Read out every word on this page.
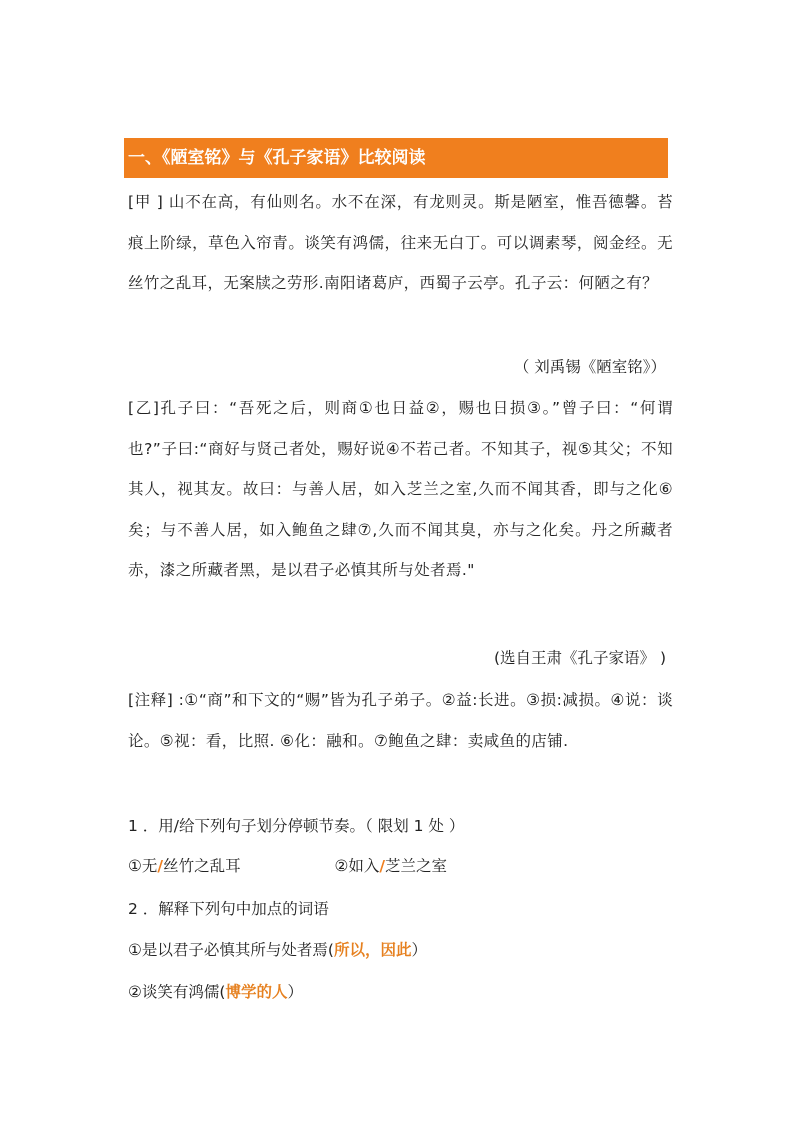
一、《陋室铭》与《孔子家语》比较阅读

[甲 ] 山不在高，有仙则名。水不在深，有龙则灵。斯是陋室，惟吾德馨。苔痕上阶绿，草色入帘青。谈笑有鸿儒，往来无白丁。可以调素琴，阅金经。无丝竹之乱耳，无案牍之劳形.南阳诸葛庐，西蜀子云亭。孔子云：何陋之有？

（ 刘禹锡《陋室铭》）

[乙]孔子曰：“吾死之后，则商①也日益②，赐也日损③。”曾子曰：“何谓也?”子曰:“商好与贤己者处，赐好说④不若己者。不知其子，视⑤其父；不知其人，视其友。故曰：与善人居，如入芝兰之室,久而不闻其香，即与之化⑥矣；与不善人居，如入鲍鱼之肆⑦,久而不闻其臭，亦与之化矣。丹之所藏者赤，漆之所藏者黑，是以君子必慎其所与处者焉."

(选自王肃《孔子家语》 )

[注释] :①“商”和下文的“赐”皆为孔子弟子。②益:长进。③损:减损。④说：谈论。⑤视：看，比照. ⑥化：融和。⑦鲍鱼之肆：卖咸鱼的店铺.

1 ．用/给下列句子划分停顿节奏。（ 限划 1 处 ）
①无/丝竹之乱耳	②如入/芝兰之室
2 ．解释下列句中加点的词语
①是以君子必慎其所与处者焉(所以，因此）
②谈笑有鸿儒(博学的人）
